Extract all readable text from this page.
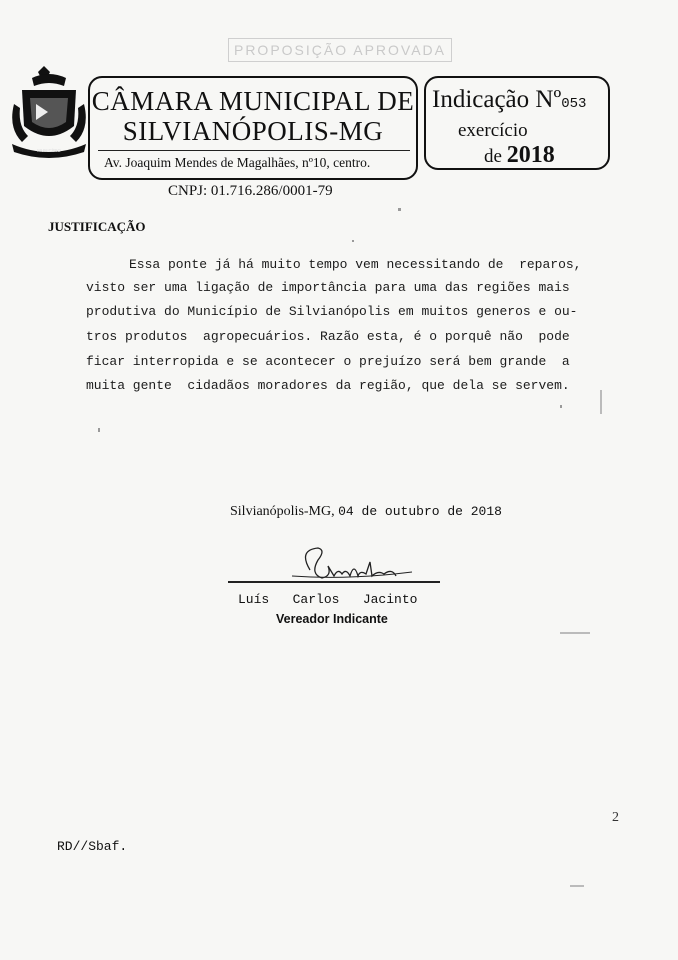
PROPOSIÇÃO APROVADA
MUNICÍPIO
CÂMARA MUNICIPAL DE
SILVIANÓPOLIS-MG
Av. Joaquim Mendes de Magalhães, nº10, centro.
Indicação Nº053
exercício
de 2018
CNPJ: 01.716.286/0001-79
JUSTIFICAÇÃO
Essa ponte já há muito tempo vem necessitando de  reparos,
visto ser uma ligação de importância para uma das regiões mais
produtiva do Município de Silvianópolis em muitos generos e ou-
tros produtos  agropecuários. Razão esta, é o porquê não  pode
ficar interropida e se acontecer o prejuízo será bem grande  a
muita gente  cidadãos moradores da região, que dela se servem.
Silvianópolis-MG, 04 de outubro de 2018
Luís   Carlos   Jacinto
Vereador Indicante
2
RD//Sbaf.
